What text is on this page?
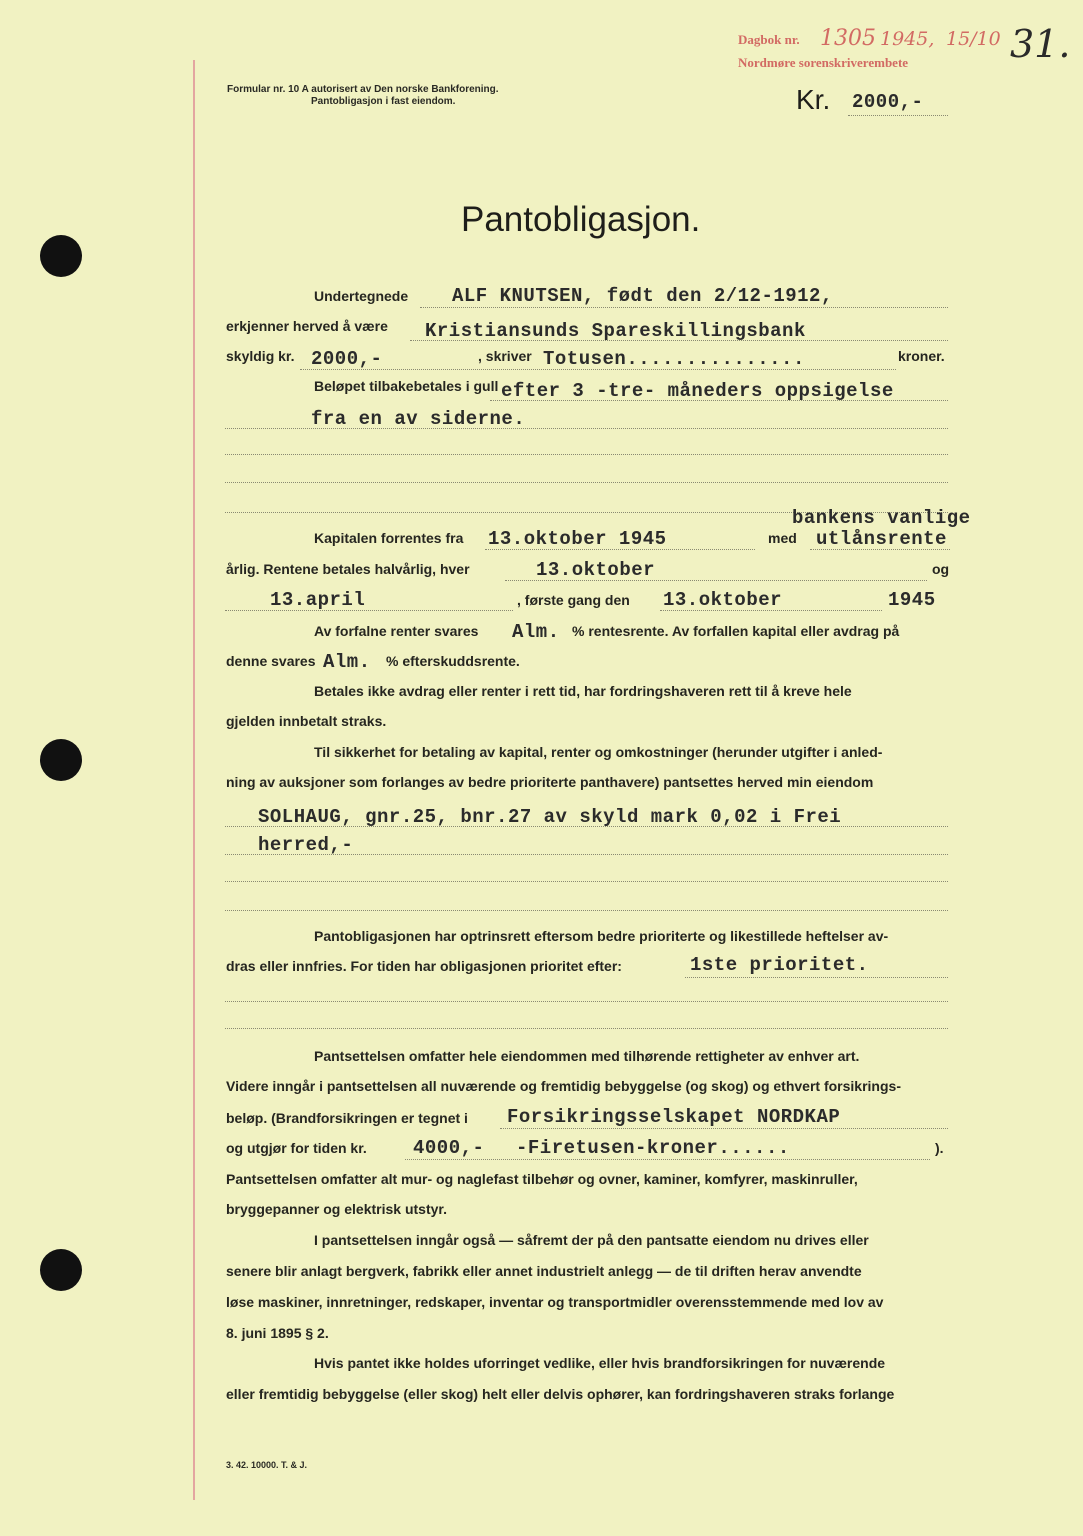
Dagbok nr. 1305 1945, 15/10
Nordmøre sorenskriverembete	31.
Formular nr. 10 A autorisert av Den norske Bankforening.
Pantobligasjon i fast eiendom.	Kr. 2000,-
Pantobligasjon.
Undertegnede ALF KNUTSEN, født den 2/12-1912,
erkjenner herved å være Kristiansunds Spareskillingsbank
skyldig kr. 2000,-	, skriver Totusen...............	kroner.
Beløpet tilbakebetales i gull efter 3 -tre- måneders oppsigelse
fra en av siderne.
bankens vanlige
Kapitalen forrentes fra 13.oktober 1945	med utlånsrente
årlig. Rentene betales halvårlig, hver	13.oktober	og
13.april	, første gang den 13.oktober	1945
Av forfalne renter svares Alm. % rentesrente. Av forfallen kapital eller avdrag på
denne svares Alm. % efterskuddsrente.
Betales ikke avdrag eller renter i rett tid, har fordringshaveren rett til å kreve hele
gjelden innbetalt straks.
Til sikkerhet for betaling av kapital, renter og omkostninger (herunder utgifter i anled-
ning av auksjoner som forlanges av bedre prioriterte panthavere) pantsettes herved min eiendom
SOLHAUG, gnr.25, bnr.27 av skyld mark 0,02 i Frei
herred,-
Pantobligasjonen har optrinsrett eftersom bedre prioriterte og likestillede heftelser av-
dras eller innfries. For tiden har obligasjonen prioritet efter:	1ste prioritet.
Pantsettelsen omfatter hele eiendommen med tilhørende rettigheter av enhver art.
Videre inngår i pantsettelsen all nuværende og fremtidig bebyggelse (og skog) og ethvert forsikrings-
beløp. (Brandforsikringen er tegnet i Forsikringsselskapet NORDKAP
og utgjør for tiden kr. 4000,- -Firetusen-kroner......	).
Pantsettelsen omfatter alt mur- og naglefast tilbehør og ovner, kaminer, komfyrer, maskinruller,
bryggepanner og elektrisk utstyr.
I pantsettelsen inngår også — såfremt der på den pantsatte eiendom nu drives eller
senere blir anlagt bergverk, fabrikk eller annet industrielt anlegg — de til driften herav anvendte
løse maskiner, innretninger, redskaper, inventar og transportmidler overensstemmende med lov av
8. juni 1895 § 2.
Hvis pantet ikke holdes uforringet vedlike, eller hvis brandforsikringen for nuværende
eller fremtidig bebyggelse (eller skog) helt eller delvis ophører, kan fordringshaveren straks forlange
3. 42. 10000. T. & J.
